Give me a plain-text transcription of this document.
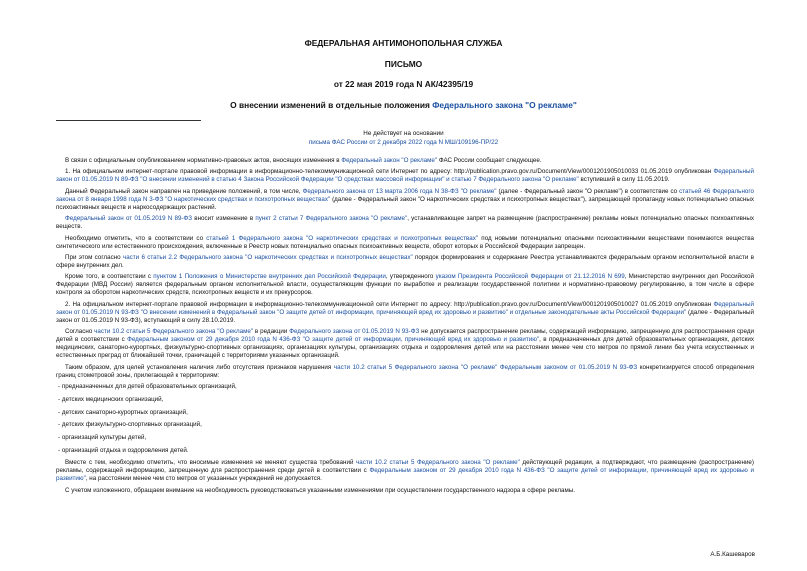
ФЕДЕРАЛЬНАЯ АНТИМОНОПОЛЬНАЯ СЛУЖБА
ПИСЬМО
от 22 мая 2019 года N АК/42395/19
О внесении изменений в отдельные положения Федерального закона "О рекламе"
Не действует на основании
письма ФАС России от 2 декабря 2022 года N МШ/109196-ПР/22

В связи с официальным опубликованием нормативно-правовых актов, вносящих изменения в Федеральный закон "О рекламе" ФАС России сообщает следующее.

1. На официальном интернет-портале правовой информации в информационно-телекоммуникационной сети Интернет по адресу: http://publication.pravo.gov.ru/Document/View/0001201905010033 01.05.2019 опубликован Федеральный закон от 01.05.2019 N 89-ФЗ "О внесении изменений в статью 4 Закона Российской Федерации "О средствах массовой информации" и статью 7 Федерального закона "О рекламе" вступивший в силу 11.05.2019.

Данный Федеральный закон направлен на приведение положений, в том числе, Федерального закона от 13 марта 2006 года N 38-ФЗ "О рекламе" (далее - Федеральный закон "О рекламе") в соответствие со статьей 46 Федерального закона от 8 января 1998 года N 3-ФЗ "О наркотических средствах и психотропных веществах" (далее - Федеральный закон "О наркотических средствах и психотропных веществах"), запрещающей пропаганду новых потенциально опасных психоактивных веществ и наркосодержащих растений.

Федеральный закон от 01.05.2019 N 89-ФЗ вносит изменение в пункт 2 статьи 7 Федерального закона "О рекламе", устанавливающее запрет на размещение (распространение) рекламы новых потенциально опасных психоактивных веществ.

Необходимо отметить, что в соответствии со статьей 1 Федерального закона "О наркотических средствах и психотропных веществах" под новыми потенциально опасными психоактивными веществами понимаются вещества синтетического или естественного происхождения, включенные в Реестр новых потенциально опасных психоактивных веществ, оборот которых в Российской Федерации запрещен.

При этом согласно части 6 статьи 2.2 Федерального закона "О наркотических средствах и психотропных веществах" порядок формирования и содержание Реестра устанавливаются федеральным органом исполнительной власти в сфере внутренних дел.

Кроме того, в соответствии с пунктом 1 Положения о Министерстве внутренних дел Российской Федерации, утвержденного указом Президента Российской Федерации от 21.12.2016 N 699, Министерство внутренних дел Российской Федерации (МВД России) является федеральным органом исполнительной власти, осуществляющим функции по выработке и реализации государственной политики и нормативно-правовому регулированию, в том числе в сфере контроля за оборотом наркотических средств, психотропных веществ и их прекурсоров.

2. На официальном интернет-портале правовой информации в информационно-телекоммуникационной сети Интернет по адресу: http://publication.pravo.gov.ru/Document/View/0001201905010027 01.05.2019 опубликован Федеральный закон от 01.05.2019 N 93-ФЗ "О внесении изменений в Федеральный закон "О защите детей от информации, причиняющей вред их здоровью и развитию" и отдельные законодательные акты Российской Федерации" (далее - Федеральный закон от 01.05.2019 N 93-ФЗ), вступающий в силу 28.10.2019.

Согласно части 10.2 статьи 5 Федерального закона "О рекламе" в редакции Федерального закона от 01.05.2019 N 93-ФЗ не допускается распространение рекламы, содержащей информацию, запрещенную для распространения среди детей в соответствии с Федеральным законом от 29 декабря 2010 года N 436-ФЗ "О защите детей от информации, причиняющей вред их здоровью и развитию", в предназначенных для детей образовательных организациях, детских медицинских, санаторно-курортных, физкультурно-спортивных организациях, организациях культуры, организациях отдыха и оздоровления детей или на расстоянии менее чем сто метров по прямой линии без учета искусственных и естественных преград от ближайшей точки, граничащей с территориями указанных организаций.

Таким образом, для целей установления наличия либо отсутствия признаков нарушения части 10.2 статьи 5 Федерального закона "О рекламе" Федеральным законом от 01.05.2019 N 93-ФЗ конкретизируется способ определения границ стометровой зоны, прилегающей к территориям:

- предназначенных для детей образовательных организаций,

- детских медицинских организаций,

- детских санаторно-курортных организаций,

- детских физкультурно-спортивных организаций,

- организаций культуры детей,

- организаций отдыха и оздоровления детей.

Вместе с тем, необходимо отметить, что вносимые изменения не меняют существа требований части 10.2 статьи 5 Федерального закона "О рекламе" действующей редакции, а подтверждают, что размещение (распространение) рекламы, содержащей информацию, запрещенную для распространения среди детей в соответствии с Федеральным законом от 29 декабря 2010 года N 436-ФЗ "О защите детей от информации, причиняющей вред их здоровью и развитию", на расстоянии менее чем сто метров от указанных учреждений не допускается.

С учетом изложенного, обращаем внимание на необходимость руководствоваться указанными изменениями при осуществлении государственного надзора в сфере рекламы.

А.Б.Кашеваров
